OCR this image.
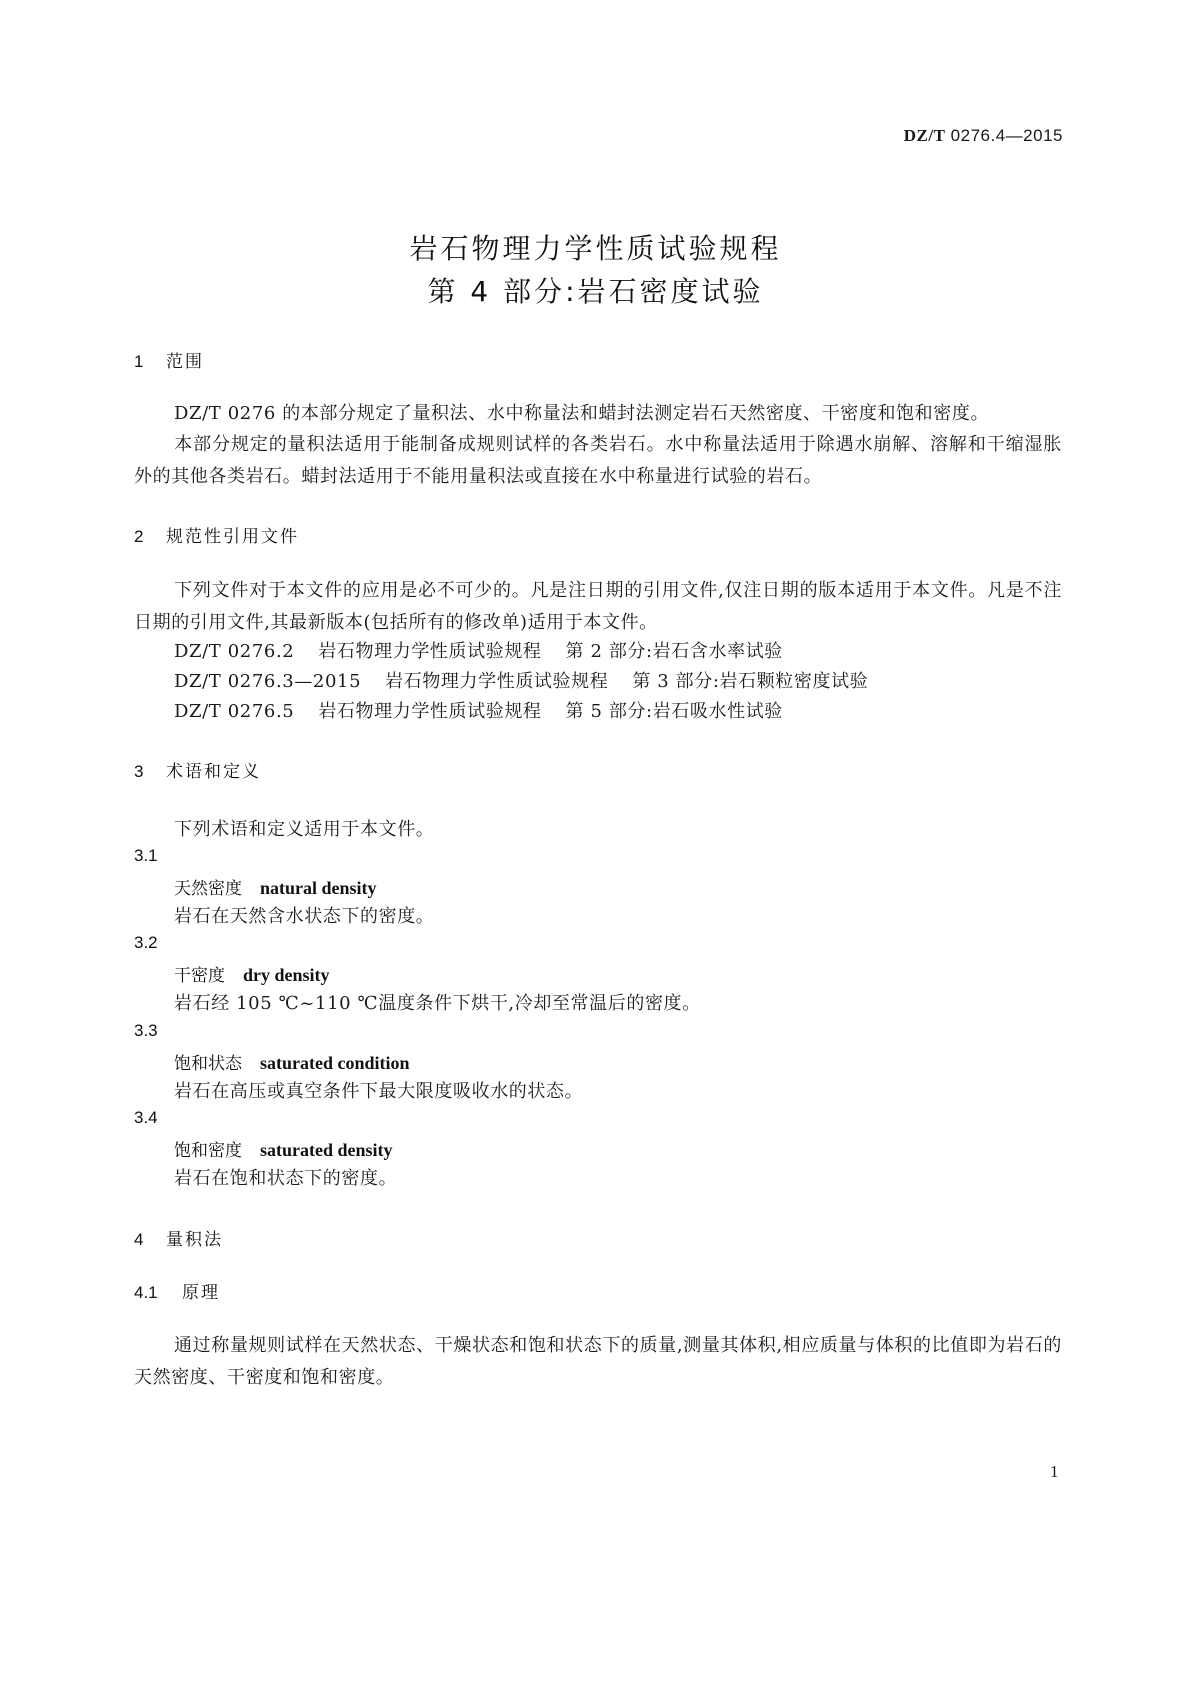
DZ/T 0276.4—2015
岩石物理力学性质试验规程
第 4 部分:岩石密度试验
1 范围
DZ/T 0276 的本部分规定了量积法、水中称量法和蜡封法测定岩石天然密度、干密度和饱和密度。
本部分规定的量积法适用于能制备成规则试样的各类岩石。水中称量法适用于除遇水崩解、溶解和干缩湿胀外的其他各类岩石。蜡封法适用于不能用量积法或直接在水中称量进行试验的岩石。
2 规范性引用文件
下列文件对于本文件的应用是必不可少的。凡是注日期的引用文件,仅注日期的版本适用于本文件。凡是不注日期的引用文件,其最新版本(包括所有的修改单)适用于本文件。
DZ/T 0276.2 岩石物理力学性质试验规程 第 2 部分:岩石含水率试验
DZ/T 0276.3—2015 岩石物理力学性质试验规程 第 3 部分:岩石颗粒密度试验
DZ/T 0276.5 岩石物理力学性质试验规程 第 5 部分:岩石吸水性试验
3 术语和定义
下列术语和定义适用于本文件。
3.1
天然密度 natural density
岩石在天然含水状态下的密度。
3.2
干密度 dry density
岩石经 105 ℃~110 ℃温度条件下烘干,冷却至常温后的密度。
3.3
饱和状态 saturated condition
岩石在高压或真空条件下最大限度吸收水的状态。
3.4
饱和密度 saturated density
岩石在饱和状态下的密度。
4 量积法
4.1 原理
通过称量规则试样在天然状态、干燥状态和饱和状态下的质量,测量其体积,相应质量与体积的比值即为岩石的天然密度、干密度和饱和密度。
1
